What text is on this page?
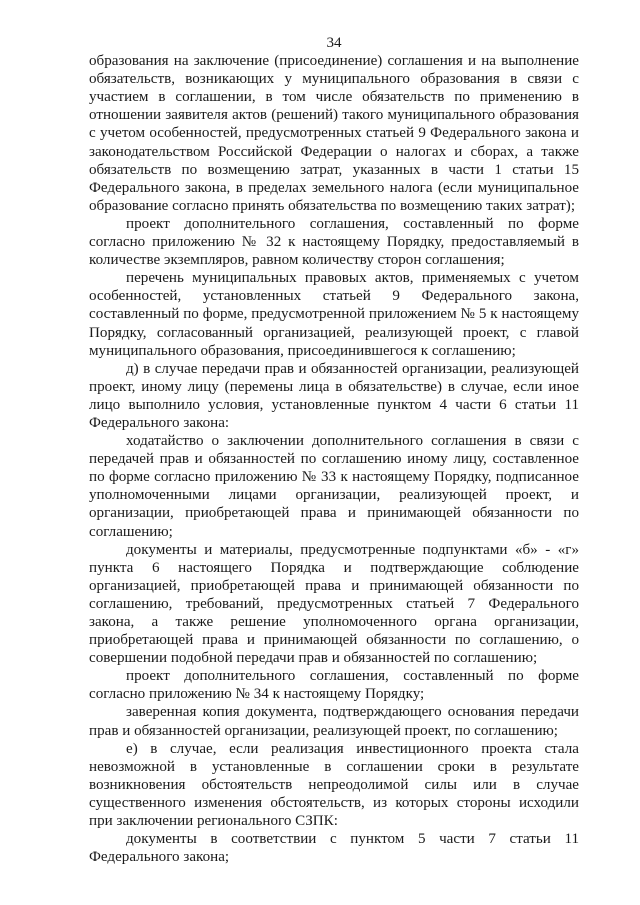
34

образования на заключение (присоединение) соглашения и на выполнение обязательств, возникающих у муниципального образования в связи с участием в соглашении, в том числе обязательств по применению в отношении заявителя актов (решений) такого муниципального образования с учетом особенностей, предусмотренных статьей 9 Федерального закона и законодательством Российской Федерации о налогах и сборах, а также обязательств по возмещению затрат, указанных в части 1 статьи 15 Федерального закона, в пределах земельного налога (если муниципальное образование согласно принять обязательства по возмещению таких затрат);

проект дополнительного соглашения, составленный по форме согласно приложению № 32 к настоящему Порядку, предоставляемый в количестве экземпляров, равном количеству сторон соглашения;

перечень муниципальных правовых актов, применяемых с учетом особенностей, установленных статьей 9 Федерального закона, составленный по форме, предусмотренной приложением № 5 к настоящему Порядку, согласованный организацией, реализующей проект, с главой муниципального образования, присоединившегося к соглашению;

д) в случае передачи прав и обязанностей организации, реализующей проект, иному лицу (перемены лица в обязательстве) в случае, если иное лицо выполнило условия, установленные пунктом 4 части 6 статьи 11 Федерального закона:

ходатайство о заключении дополнительного соглашения в связи с передачей прав и обязанностей по соглашению иному лицу, составленное по форме согласно приложению № 33 к настоящему Порядку, подписанное уполномоченными лицами организации, реализующей проект, и организации, приобретающей права и принимающей обязанности по соглашению;

документы и материалы, предусмотренные подпунктами «б» - «г» пункта 6 настоящего Порядка и подтверждающие соблюдение организацией, приобретающей права и принимающей обязанности по соглашению, требований, предусмотренных статьей 7 Федерального закона, а также решение уполномоченного органа организации, приобретающей права и принимающей обязанности по соглашению, о совершении подобной передачи прав и обязанностей по соглашению;

проект дополнительного соглашения, составленный по форме согласно приложению № 34 к настоящему Порядку;

заверенная копия документа, подтверждающего основания передачи прав и обязанностей организации, реализующей проект, по соглашению;

е) в случае, если реализация инвестиционного проекта стала невозможной в установленные в соглашении сроки в результате возникновения обстоятельств непреодолимой силы или в случае существенного изменения обстоятельств, из которых стороны исходили при заключении регионального СЗПК:

документы в соответствии с пунктом 5 части 7 статьи 11 Федерального закона;
